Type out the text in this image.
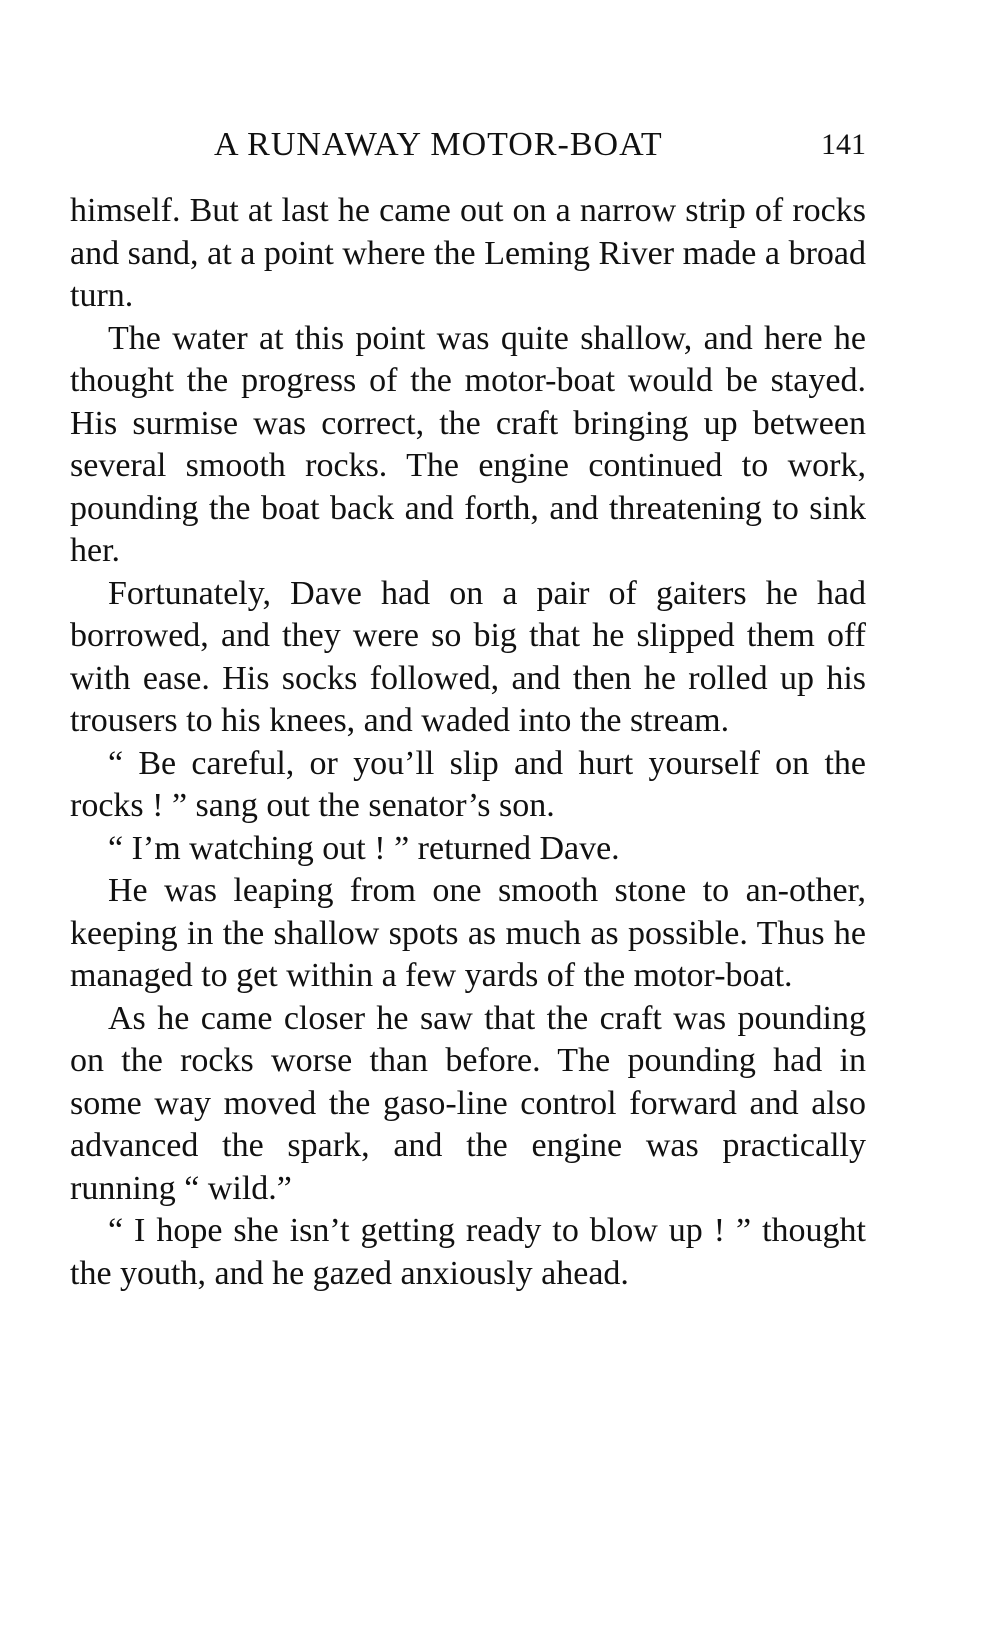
A RUNAWAY MOTOR-BOAT	141

himself. But at last he came out on a narrow strip of rocks and sand, at a point where the Leming River made a broad turn.

The water at this point was quite shallow, and here he thought the progress of the motor-boat would be stayed. His surmise was correct, the craft bringing up between several smooth rocks. The engine continued to work, pounding the boat back and forth, and threatening to sink her.

Fortunately, Dave had on a pair of gaiters he had borrowed, and they were so big that he slipped them off with ease. His socks followed, and then he rolled up his trousers to his knees, and waded into the stream.

“ Be careful, or you’ll slip and hurt yourself on the rocks ! ” sang out the senator’s son.

“ I’m watching out ! ” returned Dave.

He was leaping from one smooth stone to an-other, keeping in the shallow spots as much as possible. Thus he managed to get within a few yards of the motor-boat.

As he came closer he saw that the craft was pounding on the rocks worse than before. The pounding had in some way moved the gaso-line control forward and also advanced the spark, and the engine was practically running “ wild.”

“ I hope she isn’t getting ready to blow up ! ” thought the youth, and he gazed anxiously ahead.
